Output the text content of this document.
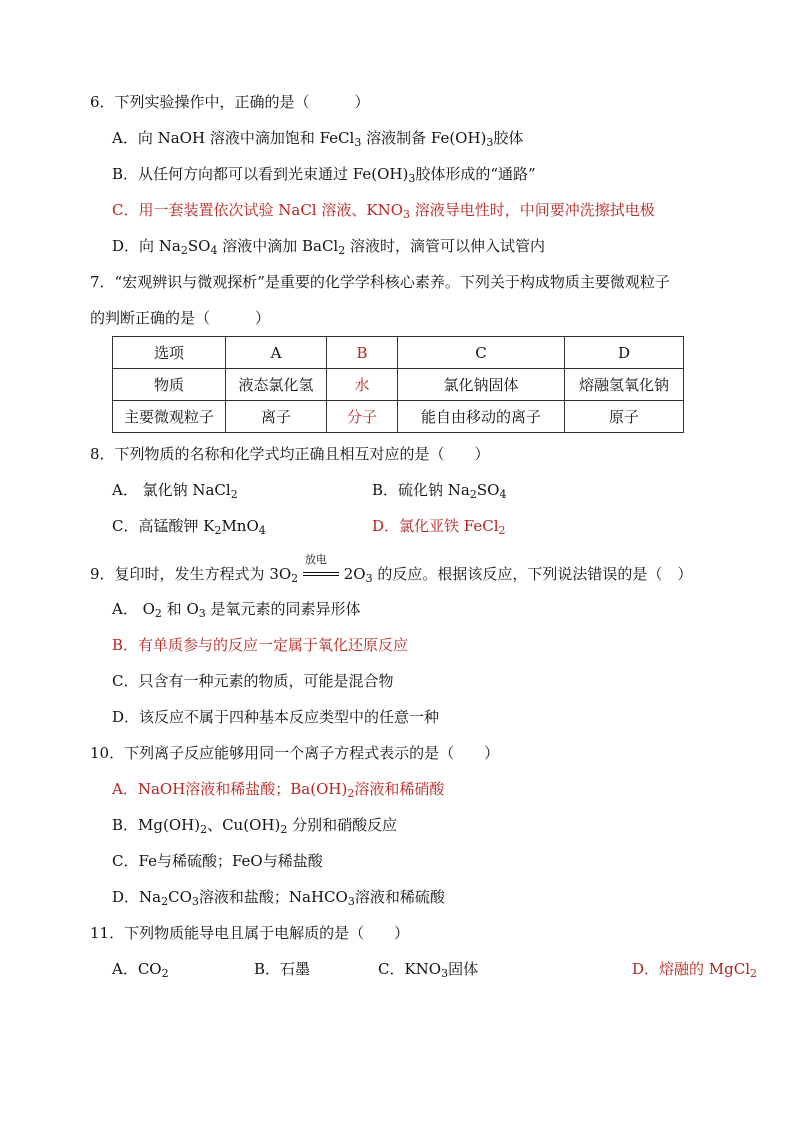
6．下列实验操作中，正确的是（　　　）
A．向 NaOH 溶液中滴加饱和 FeCl$_3$ 溶液制备 $Fe(OH)_3$胶体
B．从任何方向都可以看到光束通过 $Fe(OH)_3$胶体形成的“通路”
C．用一套装置依次试验 NaCl 溶液、$KNO_3$ 溶液导电性时，中间要冲洗擦拭电极
D．向 $Na_2SO_4$ 溶液中滴加 BaCl$_2$ 溶液时，滴管可以伸入试管内
7．“宏观辨识与微观探析”是重要的化学学科核心素养。下列关于构成物质主要微观粒子
的判断正确的是（　　　）
选项	A	B	C	D
物质	液态氯化氢	水	氯化钠固体	熔融氢氧化钠
主要微观粒子	离子	分子	能自由移动的离子	原子
8．下列物质的名称和化学式均正确且相互对应的是（　　）
A． 氯化钠 NaCl$_2$	B．硫化钠 $Na_2SO_4$
C．高锰酸钾 $K_2MnO_4$	D．氯化亚铁 FeCl$_2$
9．复印时，发生方程式为 $3O_2$
放电
$2O_3$ 的反应。根据该反应，下列说法错误的是（　）
A． $O_2$ 和 $O_3$ 是氧元素的同素异形体
B．有单质参与的反应一定属于氧化还原反应
C．只含有一种元素的物质，可能是混合物
D．该反应不属于四种基本反应类型中的任意一种
10．下列离子反应能够用同一个离子方程式表示的是（　　）
A．NaOH溶液和稀盐酸；$Ba(OH)_2$溶液和稀硝酸
B．$Mg(OH)_2$、$Cu(OH)_2$ 分别和硝酸反应
C．Fe与稀硫酸；FeO与稀盐酸
D．$Na_2CO_3$溶液和盐酸；NaHCO$_3$溶液和稀硫酸
11．下列物质能导电且属于电解质的是（　　）
A．$CO_2$	B．石墨	C．$KNO_3$固体	D．熔融的 MgCl$_2$
